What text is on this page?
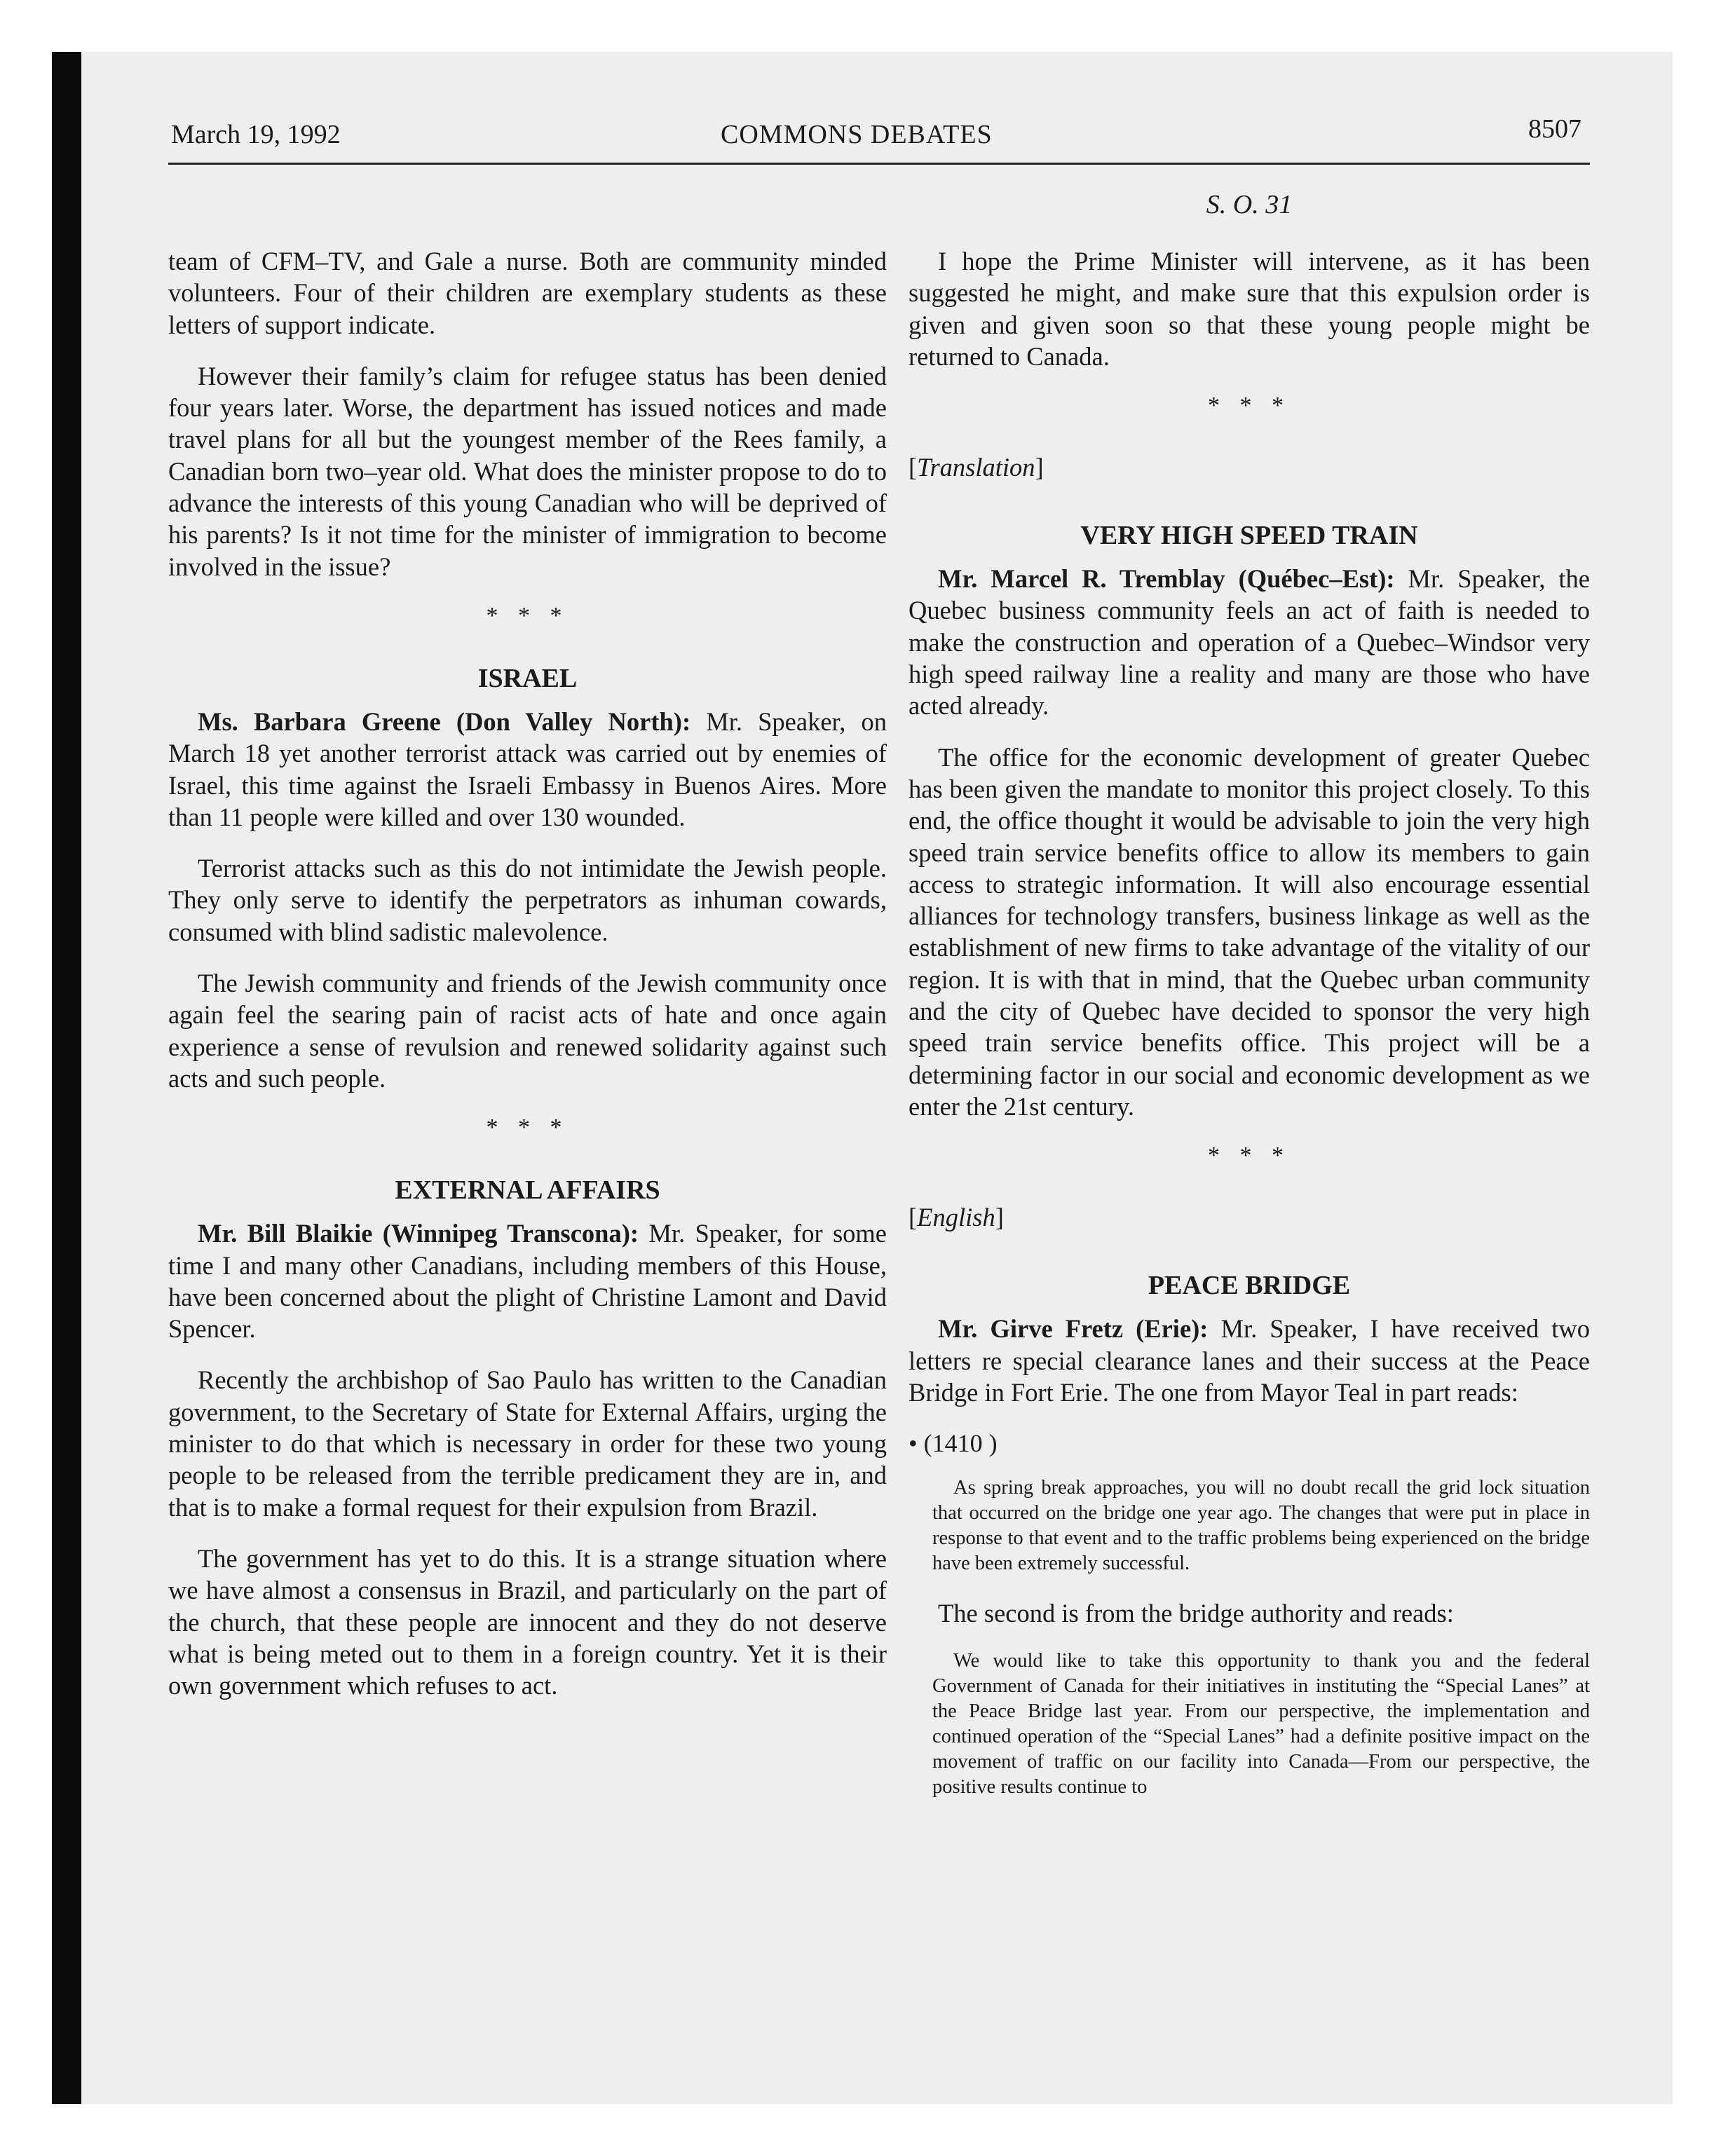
March 19, 1992	COMMONS DEBATES	8507

team of CFM–TV, and Gale a nurse. Both are community minded volunteers. Four of their children are exemplary students as these letters of support indicate.

However their family’s claim for refugee status has been denied four years later. Worse, the department has issued notices and made travel plans for all but the youngest member of the Rees family, a Canadian born two–year old. What does the minister propose to do to advance the interests of this young Canadian who will be deprived of his parents? Is it not time for the minister of immigration to become involved in the issue?

* * *
ISRAEL

Ms. Barbara Greene (Don Valley North): Mr. Speaker, on March 18 yet another terrorist attack was carried out by enemies of Israel, this time against the Israeli Embassy in Buenos Aires. More than 11 people were killed and over 130 wounded.

Terrorist attacks such as this do not intimidate the Jewish people. They only serve to identify the perpetrators as inhuman cowards, consumed with blind sadistic malevolence.

The Jewish community and friends of the Jewish community once again feel the searing pain of racist acts of hate and once again experience a sense of revulsion and renewed solidarity against such acts and such people.

* * *
EXTERNAL AFFAIRS

Mr. Bill Blaikie (Winnipeg Transcona): Mr. Speaker, for some time I and many other Canadians, including members of this House, have been concerned about the plight of Christine Lamont and David Spencer.

Recently the archbishop of Sao Paulo has written to the Canadian government, to the Secretary of State for External Affairs, urging the minister to do that which is necessary in order for these two young people to be released from the terrible predicament they are in, and that is to make a formal request for their expulsion from Brazil.

The government has yet to do this. It is a strange situation where we have almost a consensus in Brazil, and particularly on the part of the church, that these people are innocent and they do not deserve what is being meted out to them in a foreign country. Yet it is their own government which refuses to act.

S. O. 31

I hope the Prime Minister will intervene, as it has been suggested he might, and make sure that this expulsion order is given and given soon so that these young people might be returned to Canada.

* * *
[Translation]
VERY HIGH SPEED TRAIN

Mr. Marcel R. Tremblay (Québec–Est): Mr. Speaker, the Quebec business community feels an act of faith is needed to make the construction and operation of a Quebec–Windsor very high speed railway line a reality and many are those who have acted already.

The office for the economic development of greater Quebec has been given the mandate to monitor this project closely. To this end, the office thought it would be advisable to join the very high speed train service benefits office to allow its members to gain access to strategic information. It will also encourage essential alliances for technology transfers, business linkage as well as the establishment of new firms to take advantage of the vitality of our region. It is with that in mind, that the Quebec urban community and the city of Quebec have decided to sponsor the very high speed train service benefits office. This project will be a determining factor in our social and economic development as we enter the 21st century.

* * *
[English]
PEACE BRIDGE

Mr. Girve Fretz (Erie): Mr. Speaker, I have received two letters re special clearance lanes and their success at the Peace Bridge in Fort Erie. The one from Mayor Teal in part reads:

• (1410 )

As spring break approaches, you will no doubt recall the grid lock situation that occurred on the bridge one year ago. The changes that were put in place in response to that event and to the traffic problems being experienced on the bridge have been extremely successful.

The second is from the bridge authority and reads:

We would like to take this opportunity to thank you and the federal Government of Canada for their initiatives in instituting the “Special Lanes” at the Peace Bridge last year. From our perspective, the implementation and continued operation of the “Special Lanes” had a definite positive impact on the movement of traffic on our facility into Canada—From our perspective, the positive results continue to
